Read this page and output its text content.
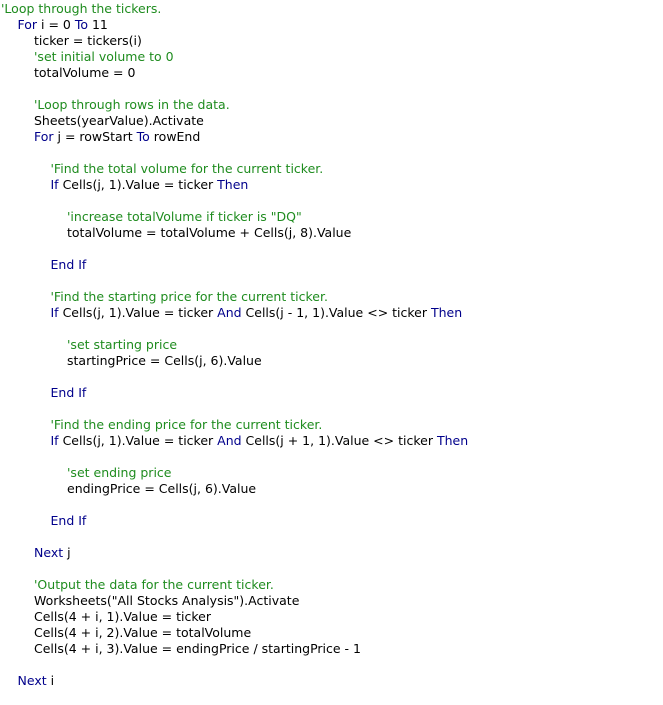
'Loop through the tickers.
For i = 0 To 11
ticker = tickers(i)
'set initial volume to 0
totalVolume = 0
'Loop through rows in the data.
Sheets(yearValue).Activate
For j = rowStart To rowEnd
'Find the total volume for the current ticker.
If Cells(j, 1).Value = ticker Then
'increase totalVolume if ticker is "DQ"
totalVolume = totalVolume + Cells(j, 8).Value
End If
'Find the starting price for the current ticker.
If Cells(j, 1).Value = ticker And Cells(j - 1, 1).Value <> ticker Then
'set starting price
startingPrice = Cells(j, 6).Value
End If
'Find the ending price for the current ticker.
If Cells(j, 1).Value = ticker And Cells(j + 1, 1).Value <> ticker Then
'set ending price
endingPrice = Cells(j, 6).Value
End If
Next j
'Output the data for the current ticker.
Worksheets("All Stocks Analysis").Activate
Cells(4 + i, 1).Value = ticker
Cells(4 + i, 2).Value = totalVolume
Cells(4 + i, 3).Value = endingPrice / startingPrice - 1
Next i
